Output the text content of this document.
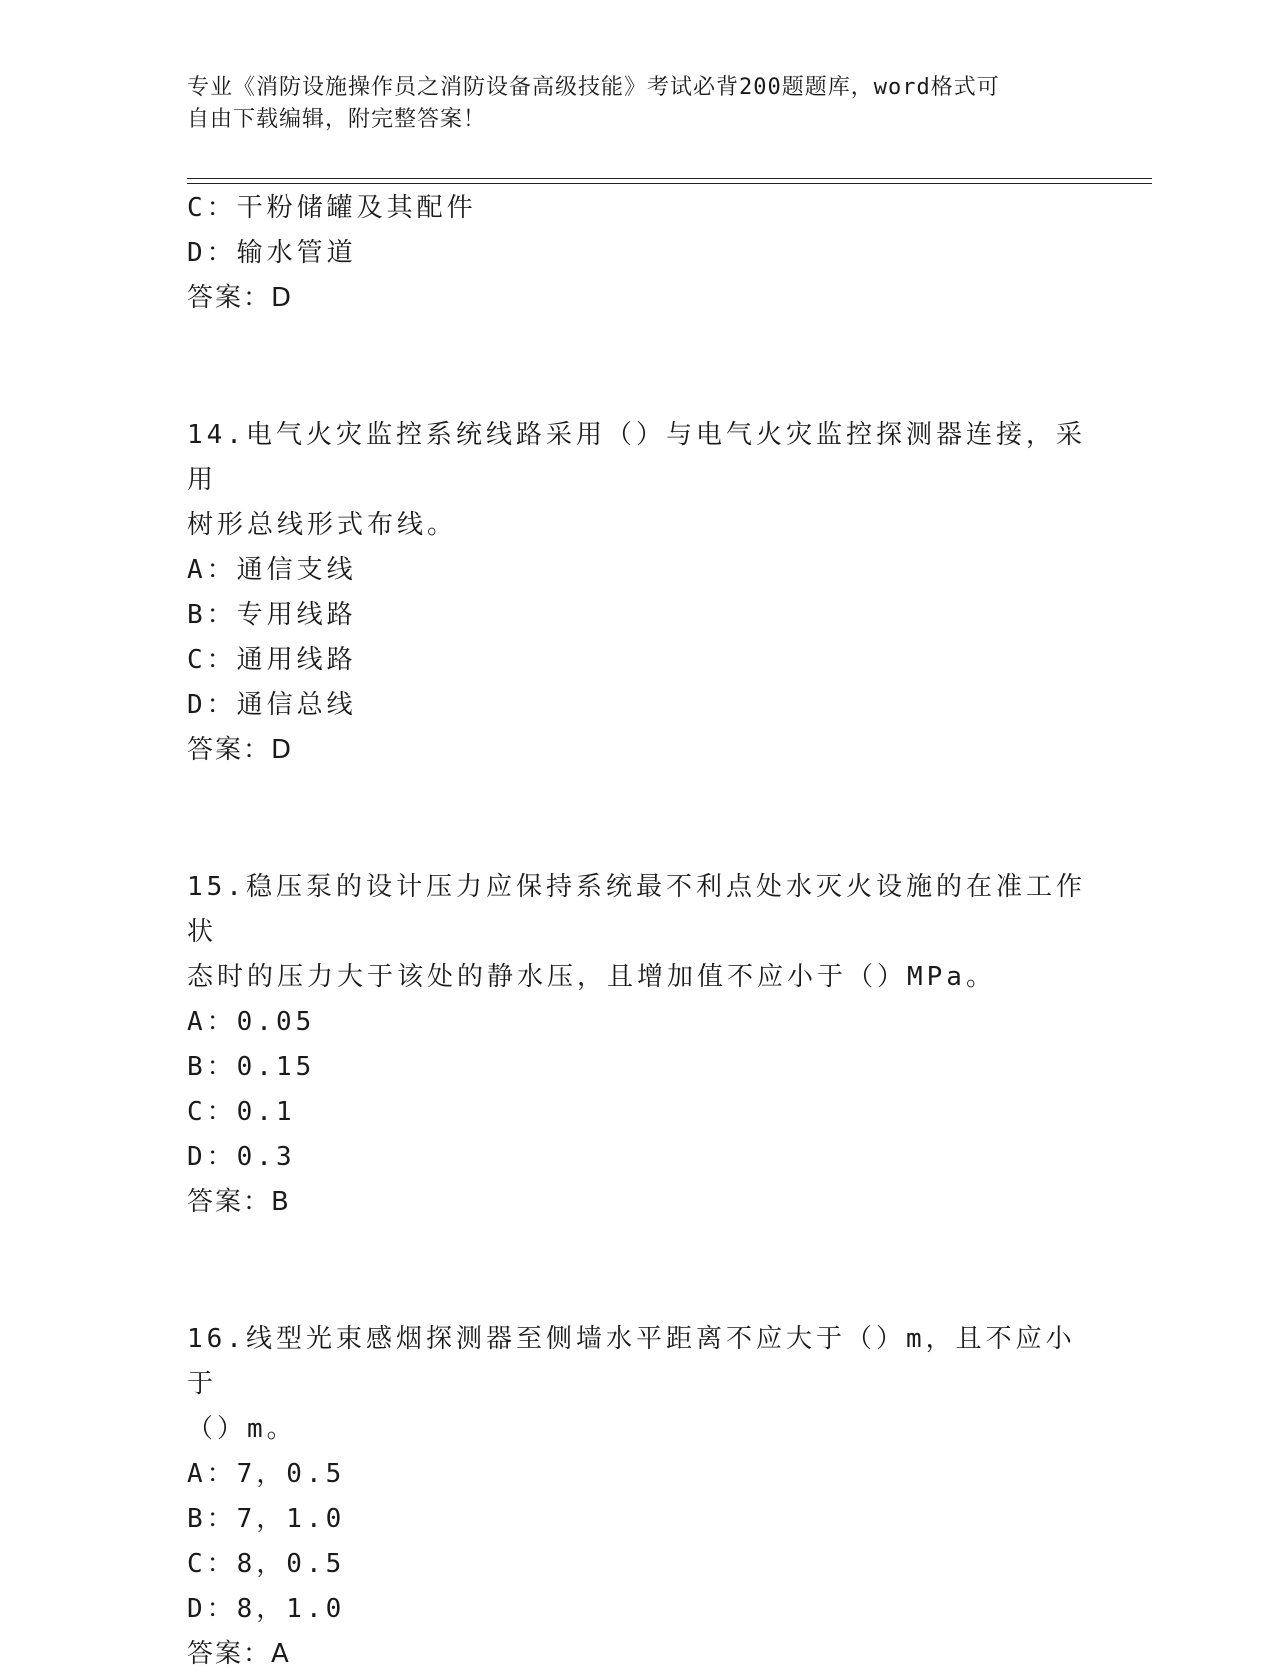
专业《消防设施操作员之消防设备高级技能》考试必背200题题库，word格式可
自由下载编辑，附完整答案！
C：干粉储罐及其配件
D：输水管道
答案：D
14.电气火灾监控系统线路采用（）与电气火灾监控探测器连接，采用
树形总线形式布线。
A：通信支线
B：专用线路
C：通用线路
D：通信总线
答案：D
15.稳压泵的设计压力应保持系统最不利点处水灭火设施的在准工作状
态时的压力大于该处的静水压，且增加值不应小于（）MPa。
A：0.05
B：0.15
C：0.1
D：0.3
答案：B
16.线型光束感烟探测器至侧墙水平距离不应大于（）m，且不应小于
（）m。
A：7，0.5
B：7，1.0
C：8，0.5
D：8，1.0
答案：A
